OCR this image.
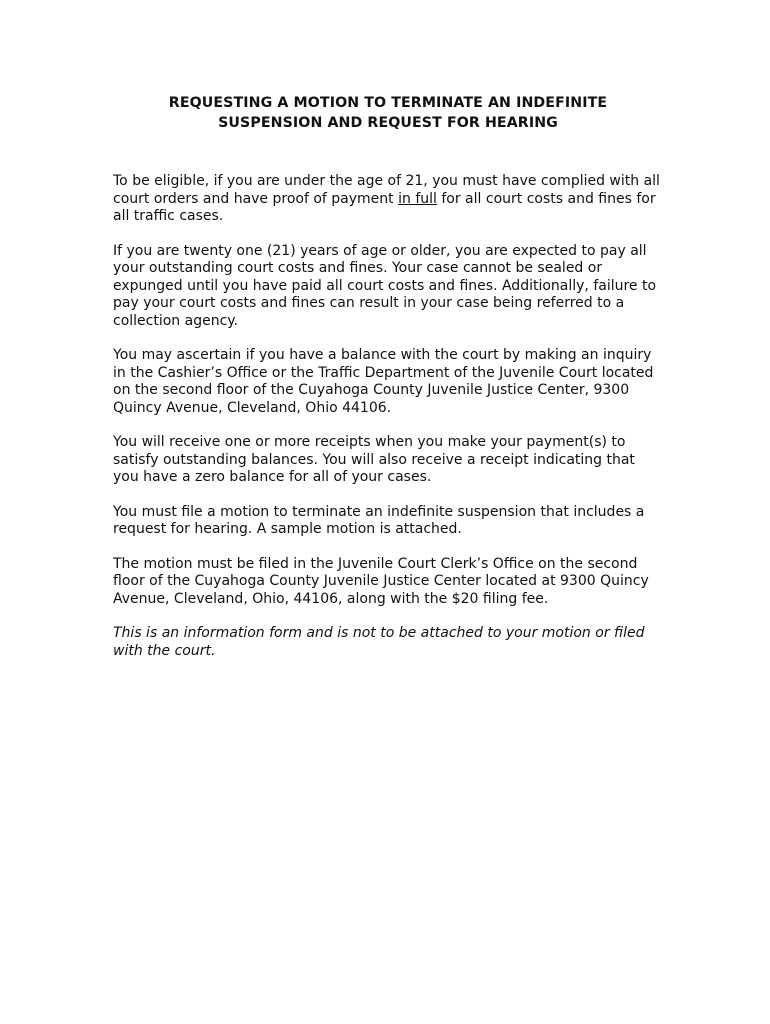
REQUESTING A MOTION TO TERMINATE AN INDEFINITE
SUSPENSION AND REQUEST FOR HEARING
To be eligible, if you are under the age of 21, you must have complied with all
court orders and have proof of payment in full for all court costs and fines for
all traffic cases.
If you are twenty one (21) years of age or older, you are expected to pay all
your outstanding court costs and fines. Your case cannot be sealed or
expunged until you have paid all court costs and fines. Additionally, failure to
pay your court costs and fines can result in your case being referred to a
collection agency.
You may ascertain if you have a balance with the court by making an inquiry
in the Cashier’s Office or the Traffic Department of the Juvenile Court located
on the second floor of the Cuyahoga County Juvenile Justice Center, 9300
Quincy Avenue, Cleveland, Ohio 44106.
You will receive one or more receipts when you make your payment(s) to
satisfy outstanding balances. You will also receive a receipt indicating that
you have a zero balance for all of your cases.
You must file a motion to terminate an indefinite suspension that includes a
request for hearing. A sample motion is attached.
The motion must be filed in the Juvenile Court Clerk’s Office on the second
floor of the Cuyahoga County Juvenile Justice Center located at 9300 Quincy
Avenue, Cleveland, Ohio, 44106, along with the $20 filing fee.
This is an information form and is not to be attached to your motion or filed
with the court.
